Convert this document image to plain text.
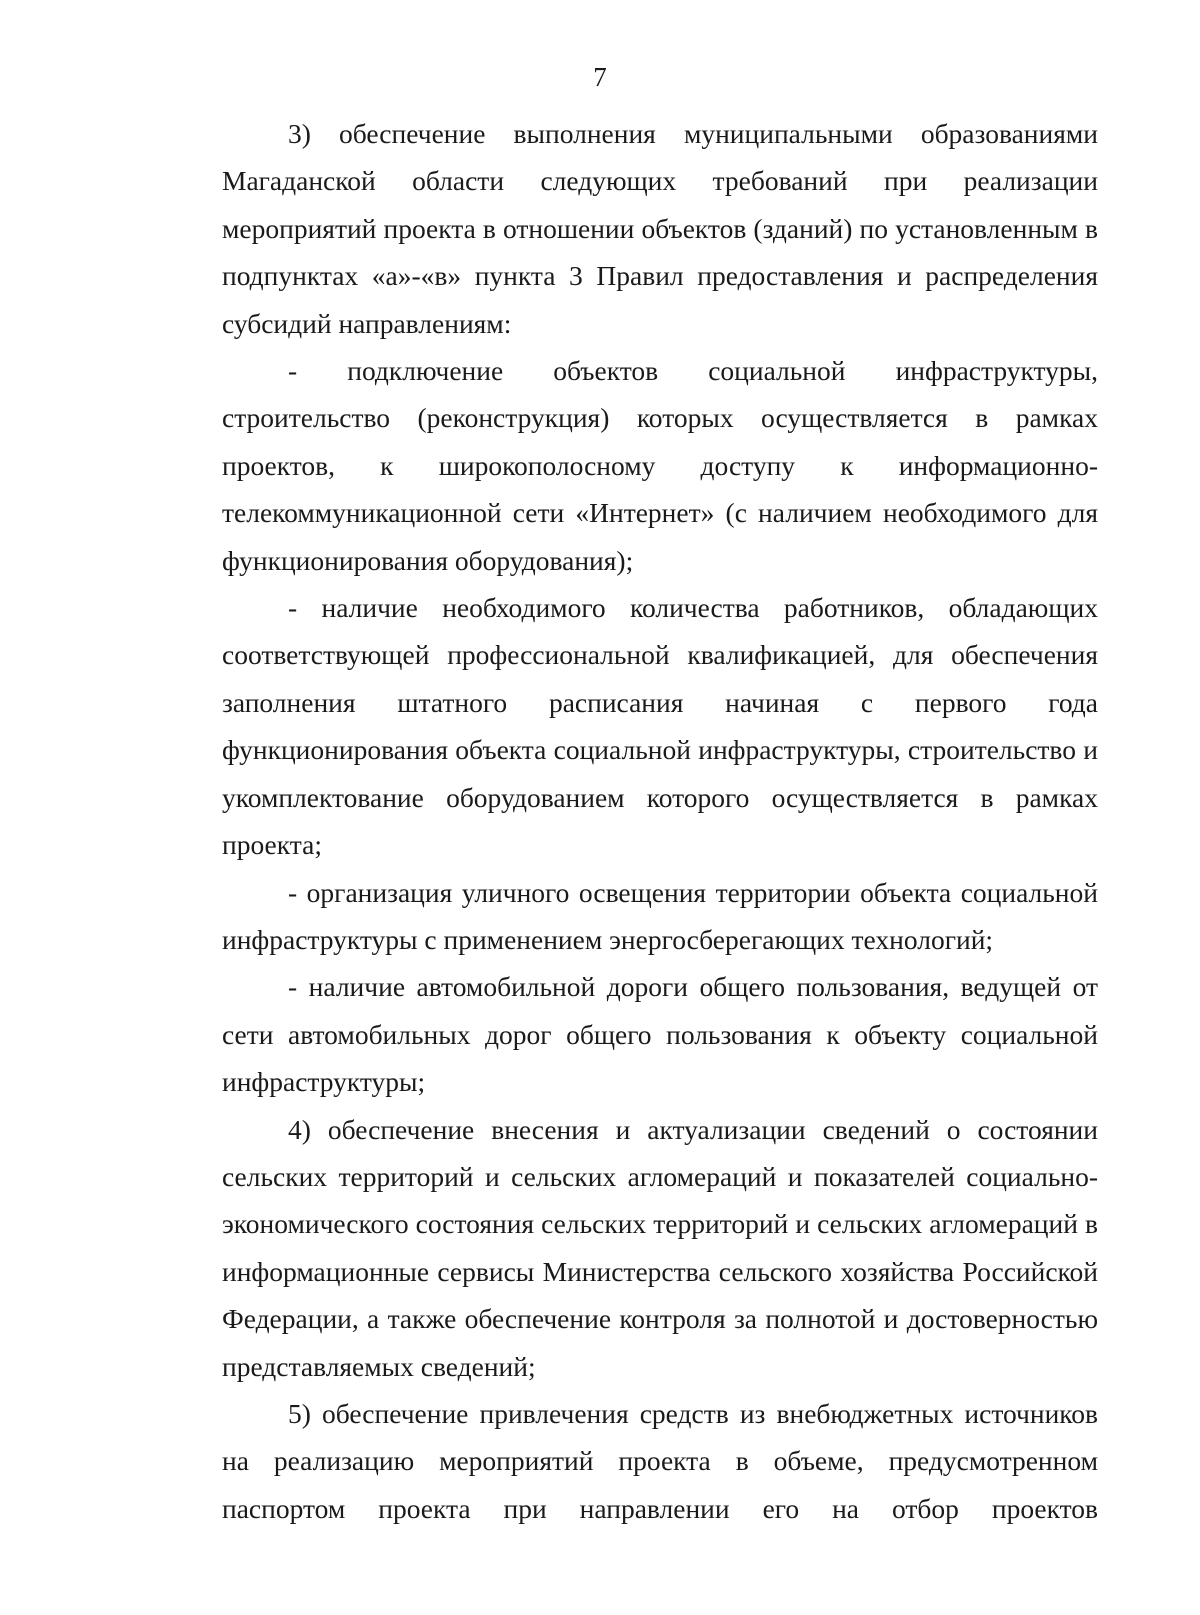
7

3) обеспечение выполнения муниципальными образованиями Магаданской области следующих требований при реализации мероприятий проекта в отношении объектов (зданий) по установленным в подпунктах «а»-«в» пункта 3 Правил предоставления и распределения субсидий направлениям:

- подключение объектов социальной инфраструктуры, строительство (реконструкция) которых осуществляется в рамках проектов, к широкополосному доступу к информационно-телекоммуникационной сети «Интернет» (с наличием необходимого для функционирования оборудования);

- наличие необходимого количества работников, обладающих соответствующей профессиональной квалификацией, для обеспечения заполнения штатного расписания начиная с первого года функционирования объекта социальной инфраструктуры, строительство и укомплектование оборудованием которого осуществляется в рамках проекта;

- организация уличного освещения территории объекта социальной инфраструктуры с применением энергосберегающих технологий;

- наличие автомобильной дороги общего пользования, ведущей от сети автомобильных дорог общего пользования к объекту социальной инфраструктуры;

4) обеспечение внесения и актуализации сведений о состоянии сельских территорий и сельских агломераций и показателей социально-экономического состояния сельских территорий и сельских агломераций в информационные сервисы Министерства сельского хозяйства Российской Федерации, а также обеспечение контроля за полнотой и достоверностью представляемых сведений;

5) обеспечение привлечения средств из внебюджетных источников на реализацию мероприятий проекта в объеме, предусмотренном паспортом проекта при направлении его на отбор проектов
